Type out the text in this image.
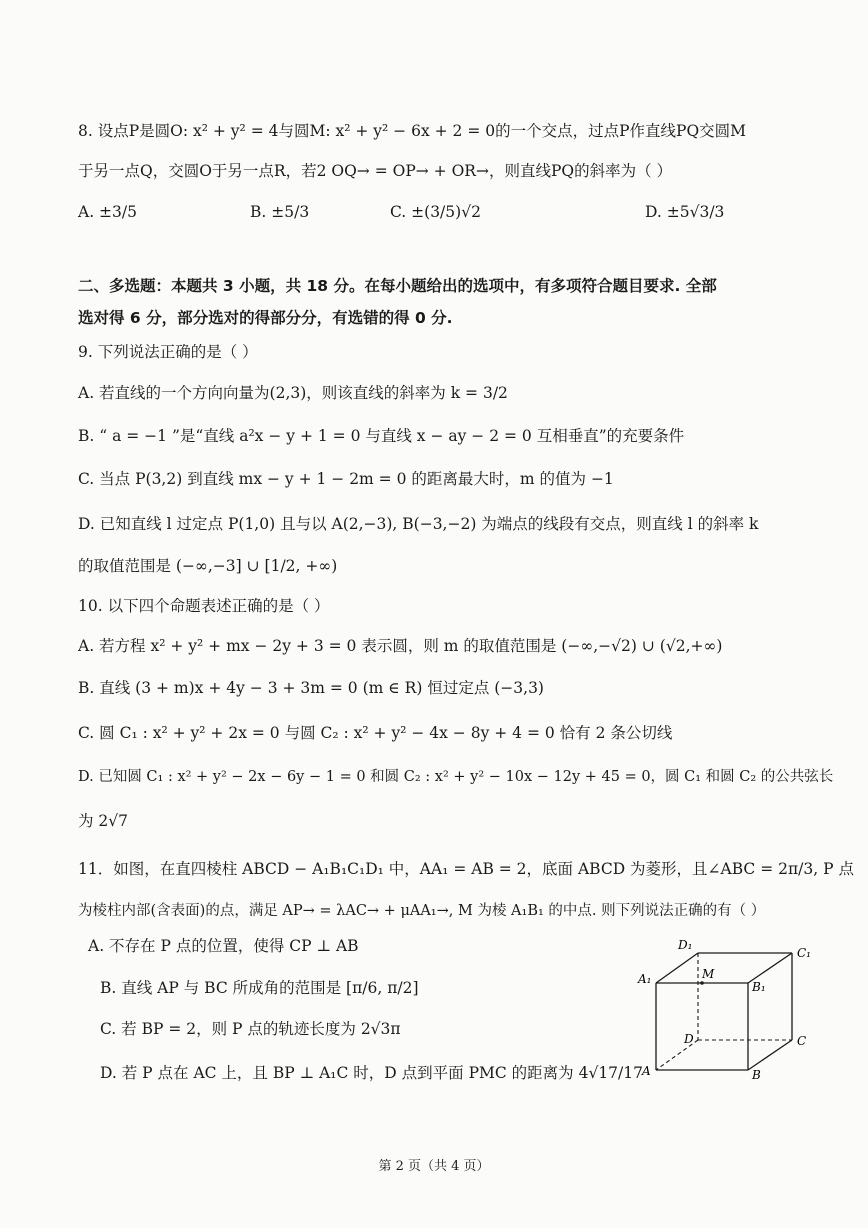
8. 设点P是圆O: x² + y² = 4与圆M: x² + y² − 6x + 2 = 0的一个交点，过点P作直线PQ交圆M
于另一点Q，交圆O于另一点R，若2 OQ→ = OP→ + OR→，则直线PQ的斜率为（ ）
A. ±3/5	B. ±5/3	C. ±(3/5)√2	D. ±5√3/3
二、多选题：本题共 3 小题，共 18 分。在每小题给出的选项中，有多项符合题目要求. 全部
选对得 6 分，部分选对的得部分分，有选错的得 0 分.
9. 下列说法正确的是（ ）
A. 若直线的一个方向向量为(2,3)，则该直线的斜率为 k = 3/2
B. “ a = −1 ”是“直线 a²x − y + 1 = 0 与直线 x − ay − 2 = 0 互相垂直”的充要条件
C. 当点 P(3,2) 到直线 mx − y + 1 − 2m = 0 的距离最大时，m 的值为 −1
D. 已知直线 l 过定点 P(1,0) 且与以 A(2,−3), B(−3,−2) 为端点的线段有交点，则直线 l 的斜率 k
的取值范围是 (−∞,−3] ∪ [1/2, +∞)
10. 以下四个命题表述正确的是（ ）
A. 若方程 x² + y² + mx − 2y + 3 = 0 表示圆，则 m 的取值范围是 (−∞,−√2) ∪ (√2,+∞)
B. 直线 (3 + m)x + 4y − 3 + 3m = 0 (m ∈ R) 恒过定点 (−3,3)
C. 圆 C₁ : x² + y² + 2x = 0 与圆 C₂ : x² + y² − 4x − 8y + 4 = 0 恰有 2 条公切线
D. 已知圆 C₁ : x² + y² − 2x − 6y − 1 = 0 和圆 C₂ : x² + y² − 10x − 12y + 45 = 0，圆 C₁ 和圆 C₂ 的公共弦长
为 2√7
11．如图，在直四棱柱 ABCD − A₁B₁C₁D₁ 中，AA₁ = AB = 2，底面 ABCD 为菱形，且∠ABC = 2π/3, P 点
为棱柱内部(含表面)的点，满足 AP→ = λAC→ + μAA₁→, M 为棱 A₁B₁ 的中点. 则下列说法正确的有（ ）
A. 不存在 P 点的位置，使得 CP ⊥ AB
B. 直线 AP 与 BC 所成角的范围是 [π/6, π/2]
C. 若 BP = 2，则 P 点的轨迹长度为 2√3π
D. 若 P 点在 AC 上，且 BP ⊥ A₁C 时，D 点到平面 PMC 的距离为 4√17/17
D₁
C₁
A₁
B₁
M
D	C
A	B
第 2 页（共 4 页）
